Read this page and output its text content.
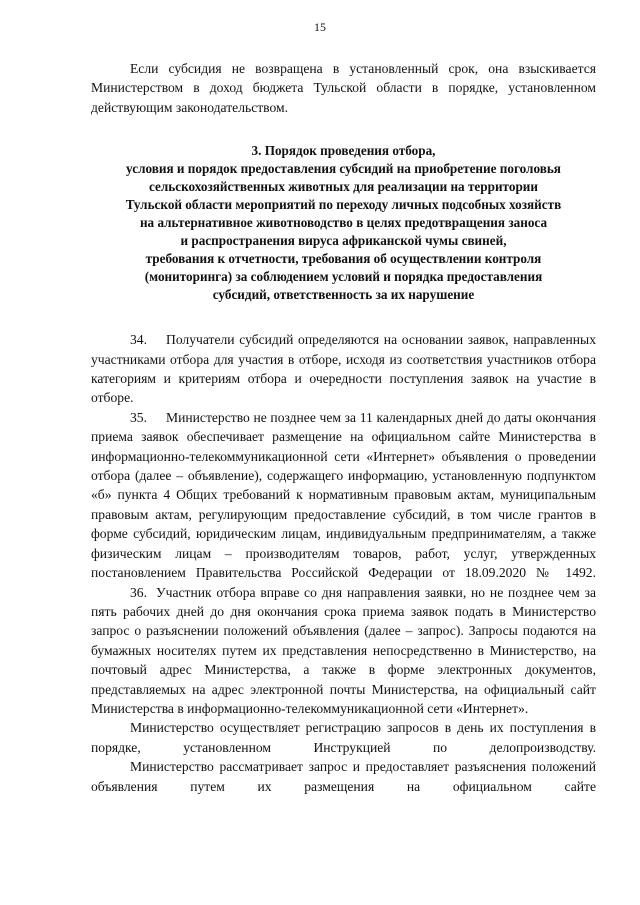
15

Если субсидия не возвращена в установленный срок, она взыскивается Министерством в доход бюджета Тульской области в порядке, установленном действующим законодательством.

3. Порядок проведения отбора,
условия и порядок предоставления субсидий на приобретение поголовья
сельскохозяйственных животных для реализации на территории
Тульской области мероприятий по переходу личных подсобных хозяйств
на альтернативное животноводство в целях предотвращения заноса
и распространения вируса африканской чумы свиней,
требования к отчетности, требования об осуществлении контроля
(мониторинга) за соблюдением условий и порядка предоставления
субсидий, ответственность за их нарушение

34. Получатели субсидий определяются на основании заявок, направленных участниками отбора для участия в отборе, исходя из соответствия участников отбора категориям и критериям отбора и очередности поступления заявок на участие в отборе.

35. Министерство не позднее чем за 11 календарных дней до даты окончания приема заявок обеспечивает размещение на официальном сайте Министерства в информационно-телекоммуникационной сети «Интернет» объявления о проведении отбора (далее – объявление), содержащего информацию, установленную подпунктом «б» пункта 4 Общих требований к нормативным правовым актам, муниципальным правовым актам, регулирующим предоставление субсидий, в том числе грантов в форме субсидий, юридическим лицам, индивидуальным предпринимателям, а также физическим лицам – производителям товаров, работ, услуг, утвержденных постановлением Правительства Российской Федерации от 18.09.2020 № 1492.

36. Участник отбора вправе со дня направления заявки, но не позднее чем за пять рабочих дней до дня окончания срока приема заявок подать в Министерство запрос о разъяснении положений объявления (далее – запрос). Запросы подаются на бумажных носителях путем их представления непосредственно в Министерство, на почтовый адрес Министерства, а также в форме электронных документов, представляемых на адрес электронной почты Министерства, на официальный сайт Министерства в информационно-телекоммуникационной сети «Интернет».

Министерство осуществляет регистрацию запросов в день их поступления в порядке, установленном Инструкцией по делопроизводству.

Министерство рассматривает запрос и предоставляет разъяснения положений объявления путем их размещения на официальном сайте
